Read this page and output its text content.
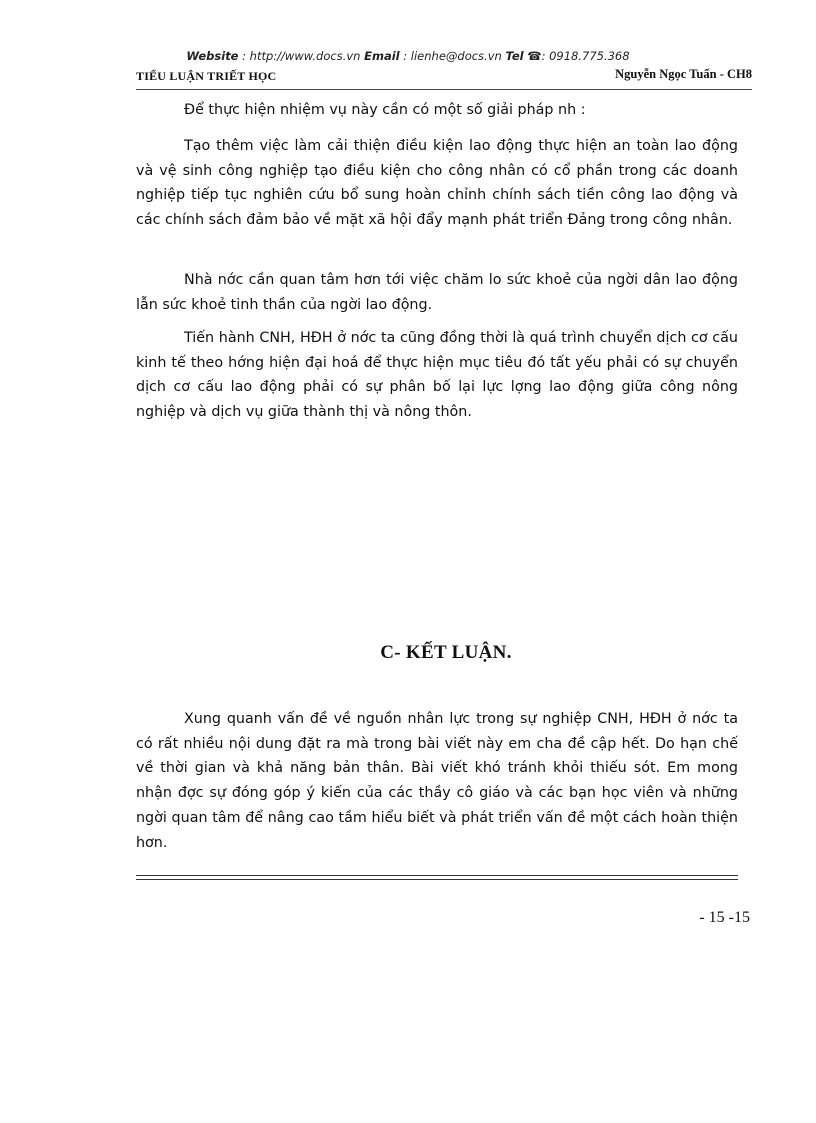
Website : http://www.docs.vn Email : lienhe@docs.vn Tel ☎: 0918.775.368
TIỂU LUẬN TRIẾT HỌC	Nguyễn Ngọc Tuấn - CH8

Để thực hiện nhiệm vụ này cần có một số giải pháp nh :

Tạo thêm việc làm cải thiện điều kiện lao động thực hiện an toàn lao động và vệ sinh công nghiệp tạo điều kiện cho công nhân có cổ phần trong các doanh nghiệp tiếp tục nghiên cứu bổ sung hoàn chỉnh chính sách tiền công lao động và các chính sách đảm bảo về mặt xã hội đẩy mạnh phát triển Đảng trong công nhân.

Nhà nớc cần quan tâm hơn tới việc chăm lo sức khoẻ của ngời dân lao động lẫn sức khoẻ tinh thần của ngời lao động.

Tiến hành CNH, HĐH ở nớc ta cũng đồng thời là quá trình chuyển dịch cơ cấu kinh tế theo hớng hiện đại hoá để thực hiện mục tiêu đó tất yếu phải có sự chuyển dịch cơ cấu lao động phải có sự phân bố lại lực lợng lao động giữa công nông nghiệp và dịch vụ giữa thành thị và nông thôn.

C- KẾT LUẬN.

Xung quanh vấn đề về nguồn nhân lực trong sự nghiệp CNH, HĐH ở nớc ta có rất nhiều nội dung đặt ra mà trong bài viết này em cha đề cập hết. Do hạn chế về thời gian và khả năng bản thân. Bài viết khó tránh khỏi thiếu sót. Em mong nhận đợc sự đóng góp ý kiến của các thầy cô giáo và các bạn học viên và những ngời quan tâm để nâng cao tầm hiểu biết và phát triển vấn đề một cách hoàn thiện hơn.

- 15 -15
